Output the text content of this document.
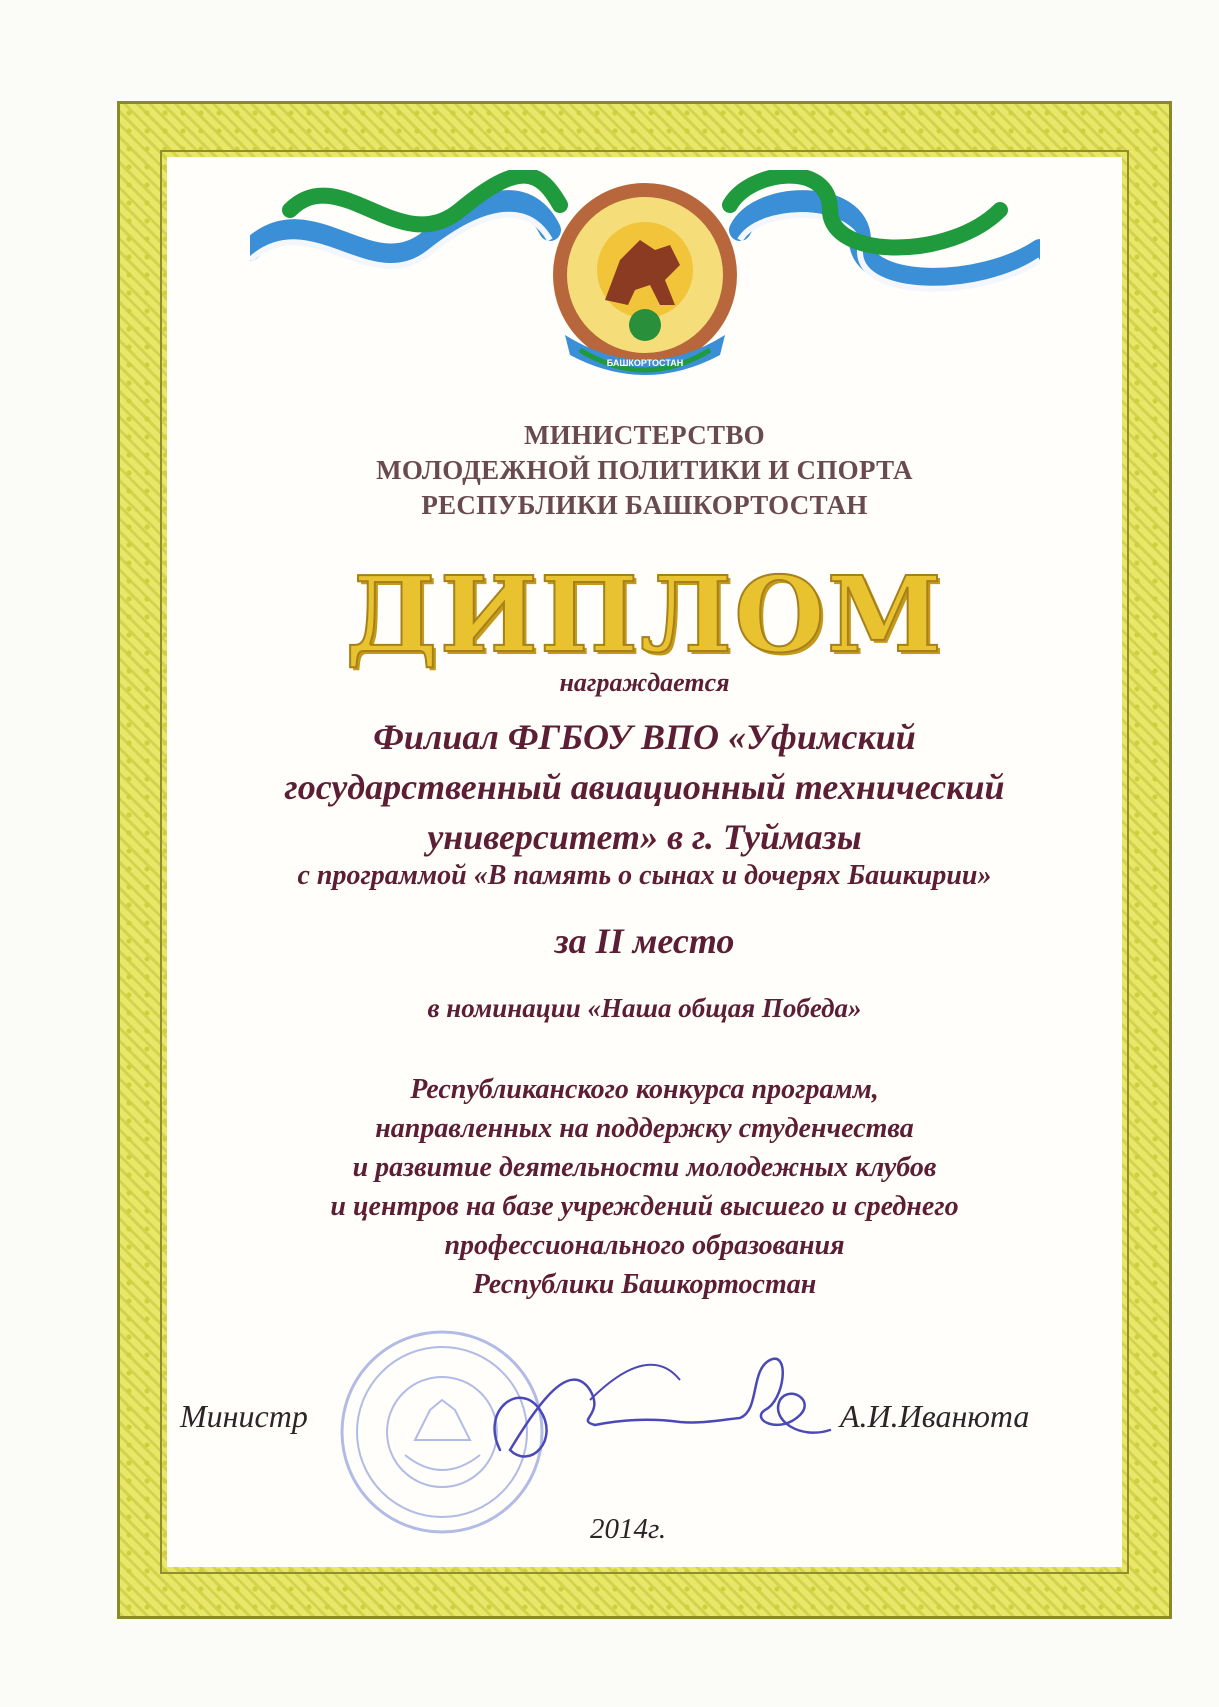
БАШКОРТОСТАН
МИНИСТЕРСТВО
МОЛОДЕЖНОЙ ПОЛИТИКИ И СПОРТА
РЕСПУБЛИКИ БАШКОРТОСТАН
ДИПЛОМ
награждается
Филиал ФГБОУ ВПО «Уфимский
государственный авиационный технический
университет» в г. Туймазы
с программой «В память о сынах и дочерях Башкирии»
за II место
в номинации «Наша общая Победа»
Республиканского конкурса программ,
направленных на поддержку студенчества
и развитие деятельности молодежных клубов
и центров на базе учреждений высшего и среднего
профессионального образования
Республики Башкортостан
Министр	А.И.Иванюта
2014г.
